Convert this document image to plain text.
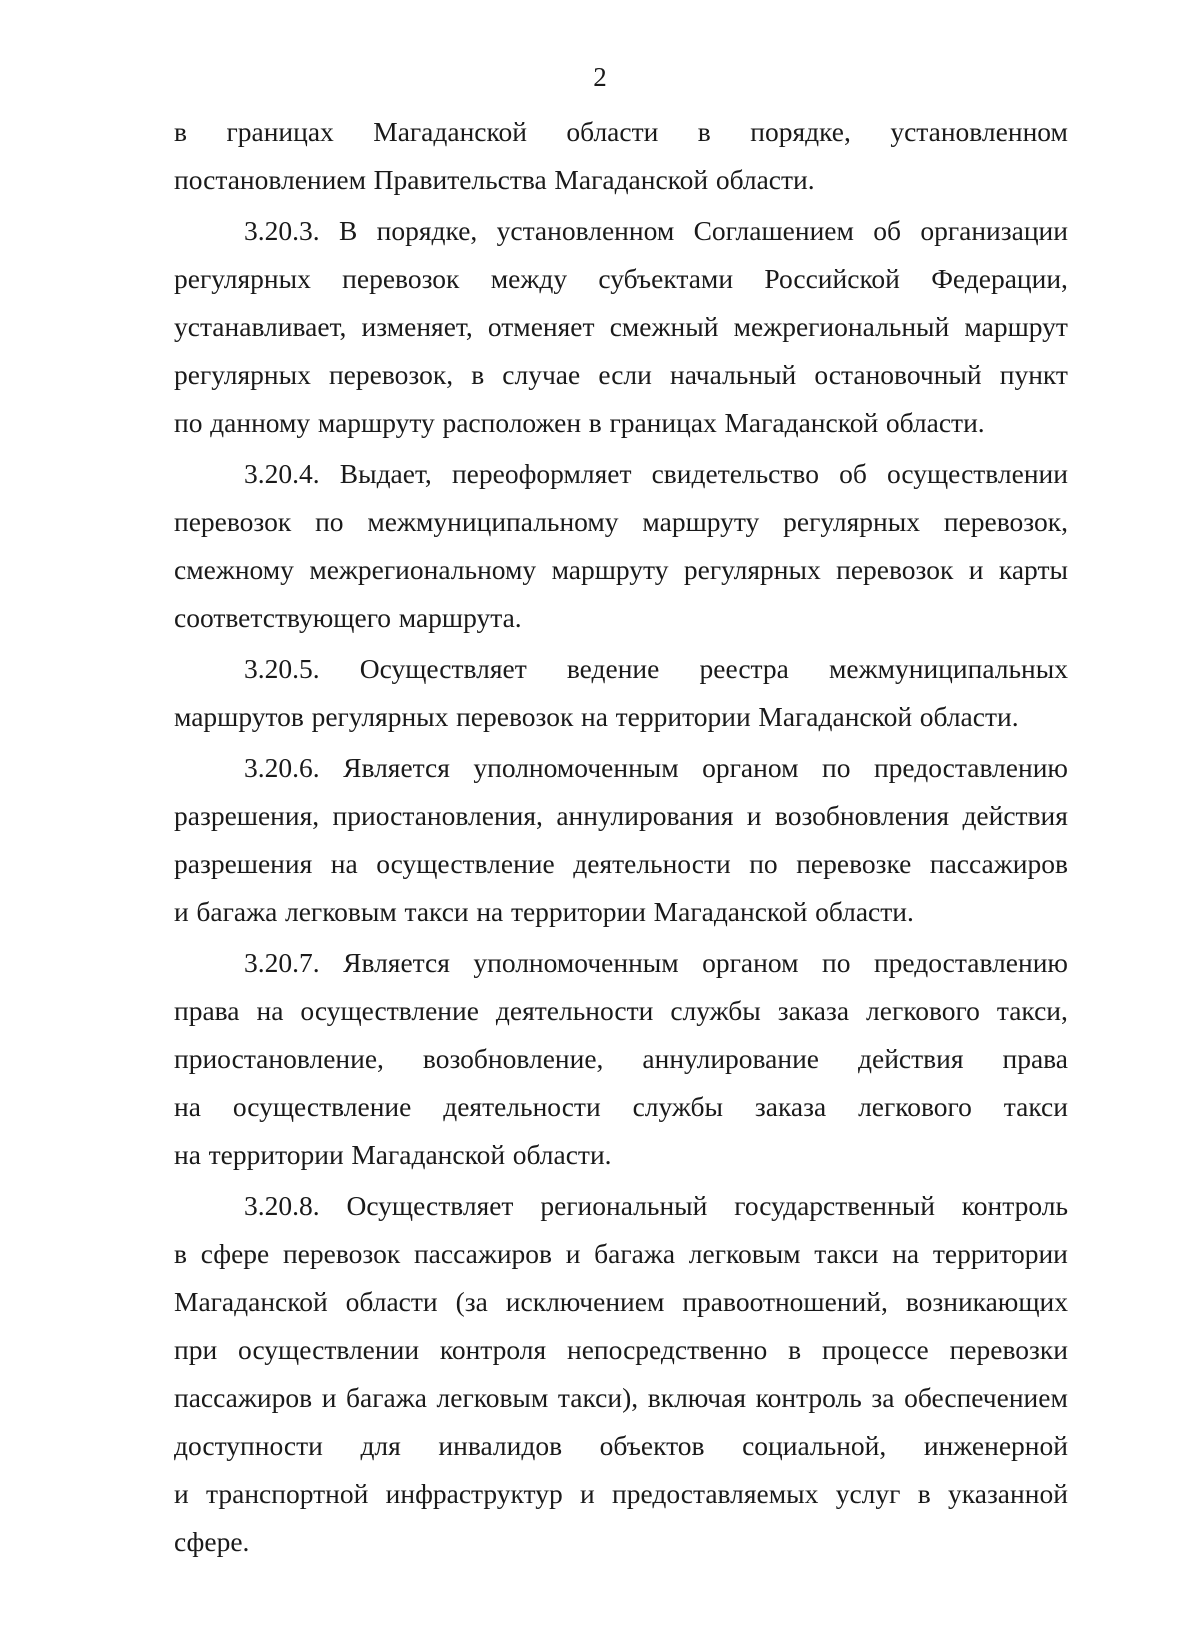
2
в границах Магаданской области в порядке, установленном
постановлением Правительства Магаданской области.
3.20.3. В порядке, установленном Соглашением об организации
регулярных перевозок между субъектами Российской Федерации,
устанавливает, изменяет, отменяет смежный межрегиональный маршрут
регулярных перевозок, в случае если начальный остановочный пункт
по данному маршруту расположен в границах Магаданской области.
3.20.4. Выдает, переоформляет свидетельство об осуществлении
перевозок по межмуниципальному маршруту регулярных перевозок,
смежному межрегиональному маршруту регулярных перевозок и карты
соответствующего маршрута.
3.20.5. Осуществляет ведение реестра межмуниципальных
маршрутов регулярных перевозок на территории Магаданской области.
3.20.6. Является уполномоченным органом по предоставлению
разрешения, приостановления, аннулирования и возобновления действия
разрешения на осуществление деятельности по перевозке пассажиров
и багажа легковым такси на территории Магаданской области.
3.20.7. Является уполномоченным органом по предоставлению
права на осуществление деятельности службы заказа легкового такси,
приостановление, возобновление, аннулирование действия права
на осуществление деятельности службы заказа легкового такси
на территории Магаданской области.
3.20.8. Осуществляет региональный государственный контроль
в сфере перевозок пассажиров и багажа легковым такси на территории
Магаданской области (за исключением правоотношений, возникающих
при осуществлении контроля непосредственно в процессе перевозки
пассажиров и багажа легковым такси), включая контроль за обеспечением
доступности для инвалидов объектов социальной, инженерной
и транспортной инфраструктур и предоставляемых услуг в указанной
сфере.
